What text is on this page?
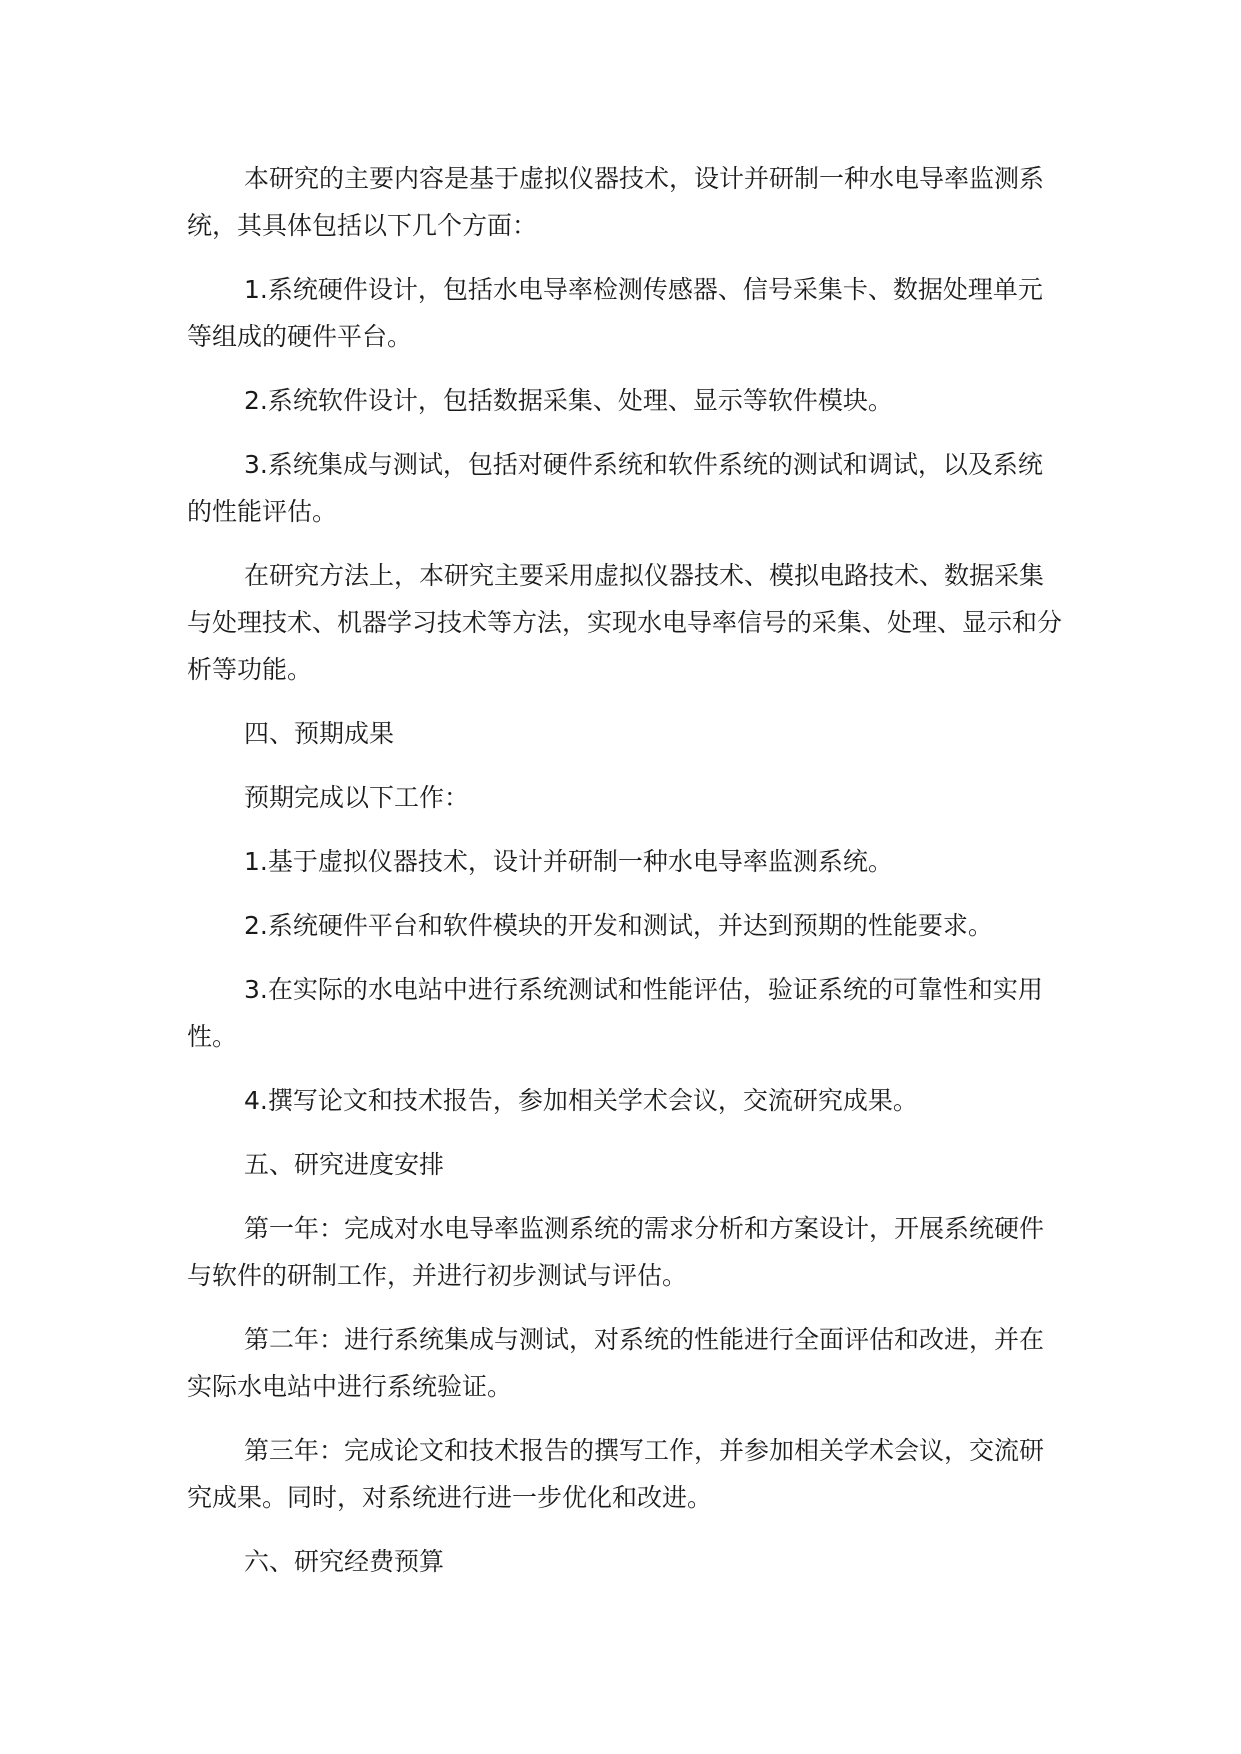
本研究的主要内容是基于虚拟仪器技术，设计并研制一种水电导率监测系统，其具体包括以下几个方面：

1.系统硬件设计，包括水电导率检测传感器、信号采集卡、数据处理单元等组成的硬件平台。

2.系统软件设计，包括数据采集、处理、显示等软件模块。

3.系统集成与测试，包括对硬件系统和软件系统的测试和调试，以及系统的性能评估。

在研究方法上，本研究主要采用虚拟仪器技术、模拟电路技术、数据采集与处理技术、机器学习技术等方法，实现水电导率信号的采集、处理、显示和分析等功能。

四、预期成果

预期完成以下工作：

1.基于虚拟仪器技术，设计并研制一种水电导率监测系统。

2.系统硬件平台和软件模块的开发和测试，并达到预期的性能要求。

3.在实际的水电站中进行系统测试和性能评估，验证系统的可靠性和实用性。

4.撰写论文和技术报告，参加相关学术会议，交流研究成果。

五、研究进度安排

第一年：完成对水电导率监测系统的需求分析和方案设计，开展系统硬件与软件的研制工作，并进行初步测试与评估。

第二年：进行系统集成与测试，对系统的性能进行全面评估和改进，并在实际水电站中进行系统验证。

第三年：完成论文和技术报告的撰写工作，并参加相关学术会议，交流研究成果。同时，对系统进行进一步优化和改进。

六、研究经费预算
